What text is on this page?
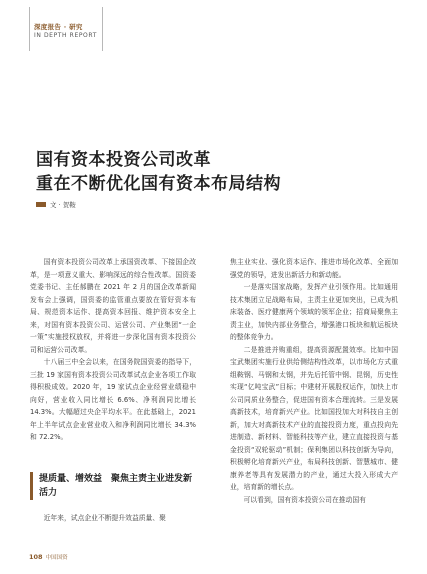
深度报告 · 研究
IN DEPTH REPORT
国有资本投资公司改革
重在不断优化国有资本布局结构
文 · 贺鞍

国有资本投资公司改革上承国资改革、下接国企改革，是一项意义重大、影响深远的综合性改革。国资委党委书记、主任郝鹏在 2021 年 2 月的国企改革新闻发布会上强调，国资委的监管重点要放在管好资本布局、规范资本运作、提高资本回报、维护资本安全上来，对国有资本投资公司、运营公司、产业集团“一企一策”实施授权放权，并将进一步深化国有资本投资公司和运营公司改革。

十八届三中全会以来，在国务院国资委的指导下，三批 19 家国有资本投资公司改革试点企业各项工作取得积极成效。2020 年，19 家试点企业经营业绩稳中向好，营业收入同比增长 6.6%、净利润同比增长 14.3%。大幅超过央企平均水平。在此基础上，2021 年上半年试点企业营业收入和净利润同比增长 34.3% 和 72.2%。

提质量、增效益　聚焦主责主业进发新活力

近年来，试点企业不断提升效益质量、聚

焦主业实业、强化资本运作、推进市场化改革、全面加强党的领导，进发出新活力和新动能。

一是落实国家战略，发挥产业引领作用。比如通用技术集团立足战略布局，主责主业更加突出，已成为机床装备、医疗健康两个领域的领军企业；招商局聚焦主责主业，加快内部业务整合，增强港口板块和航运板块的整体竞争力。

二是推进并购重组，提高资源配置效率。比如中国宝武集团实施行业供给侧结构性改革，以市场化方式重组鞍钢、马钢和太钢，并先后托管中钢、昆钢，历史性实现“亿吨宝武”目标；中建材开展股权运作，加快上市公司同质业务整合，促进国有资本合理流转。三是发展高新技术，培育新兴产业。比如国投加大对科技自主创新，加大对高新技术产业的直接投资力度，重点投向先进制造、新材料、智能科技等产业，建立直接投资与基金投资“双轮驱动”机制；保利集团以科技创新为导向，积极孵化培育新兴产业，布局科技创新、智慧城市、健康养老等具有发展潜力的产业，通过大投入形成大产业，培育新的增长点。

可以看到，国有资本投资公司在推动国有

108 中国国资
